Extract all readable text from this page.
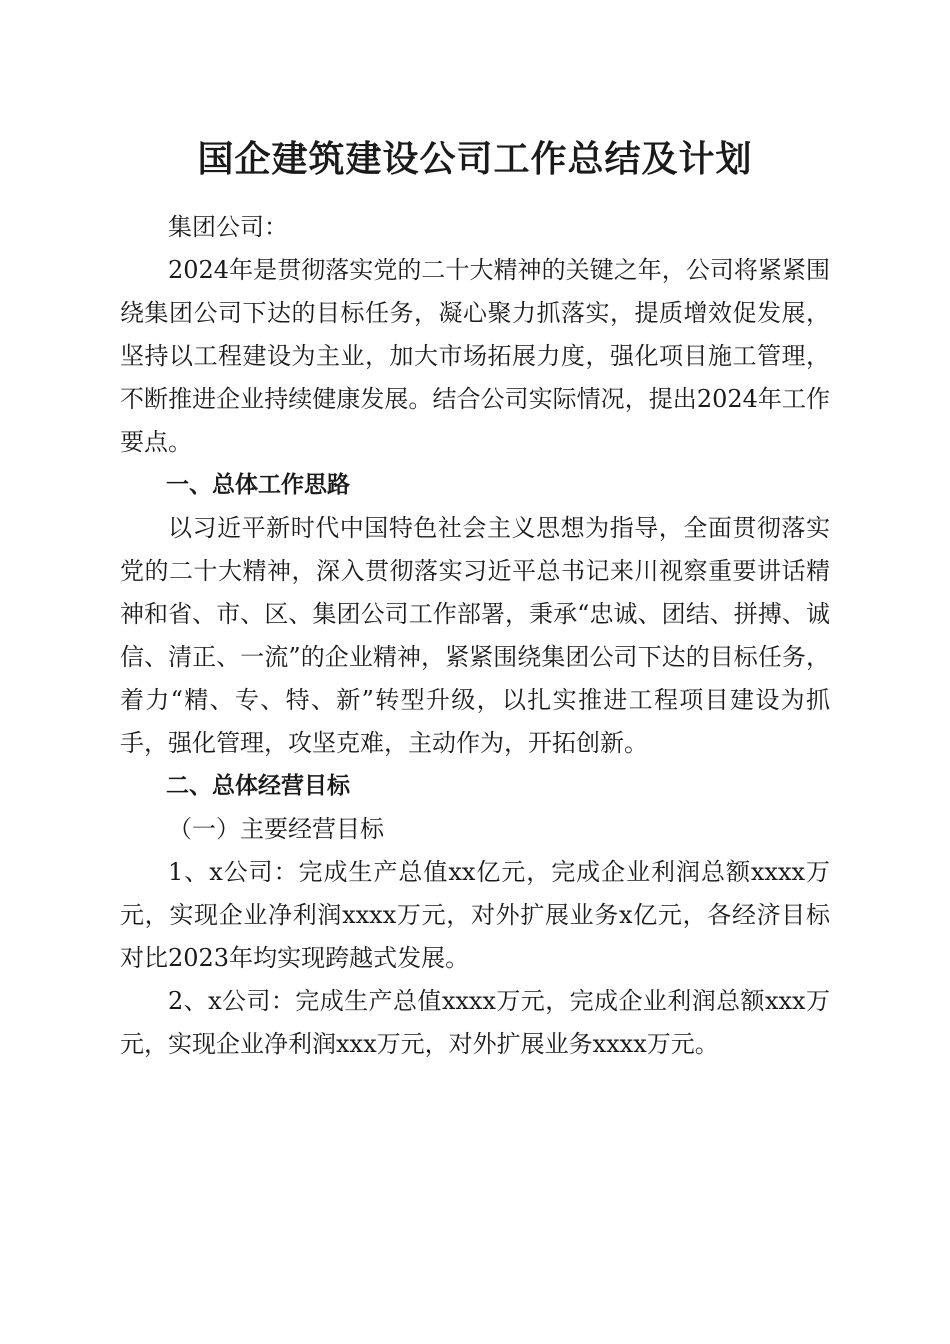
国企建筑建设公司工作总结及计划

集团公司：

2024年是贯彻落实党的二十大精神的关键之年，公司将紧紧围绕集团公司下达的目标任务，凝心聚力抓落实，提质增效促发展，坚持以工程建设为主业，加大市场拓展力度，强化项目施工管理，不断推进企业持续健康发展。结合公司实际情况，提出2024年工作要点。

一、总体工作思路

以习近平新时代中国特色社会主义思想为指导，全面贯彻落实党的二十大精神，深入贯彻落实习近平总书记来川视察重要讲话精神和省、市、区、集团公司工作部署，秉承“忠诚、团结、拼搏、诚信、清正、一流”的企业精神，紧紧围绕集团公司下达的目标任务，着力“精、专、特、新”转型升级，以扎实推进工程项目建设为抓手，强化管理，攻坚克难，主动作为，开拓创新。

二、总体经营目标

（一）主要经营目标

1、x公司：完成生产总值xx亿元，完成企业利润总额xxxx万元，实现企业净利润xxxx万元，对外扩展业务x亿元，各经济目标对比2023年均实现跨越式发展。

2、x公司：完成生产总值xxxx万元，完成企业利润总额xxx万元，实现企业净利润xxx万元，对外扩展业务xxxx万元。
